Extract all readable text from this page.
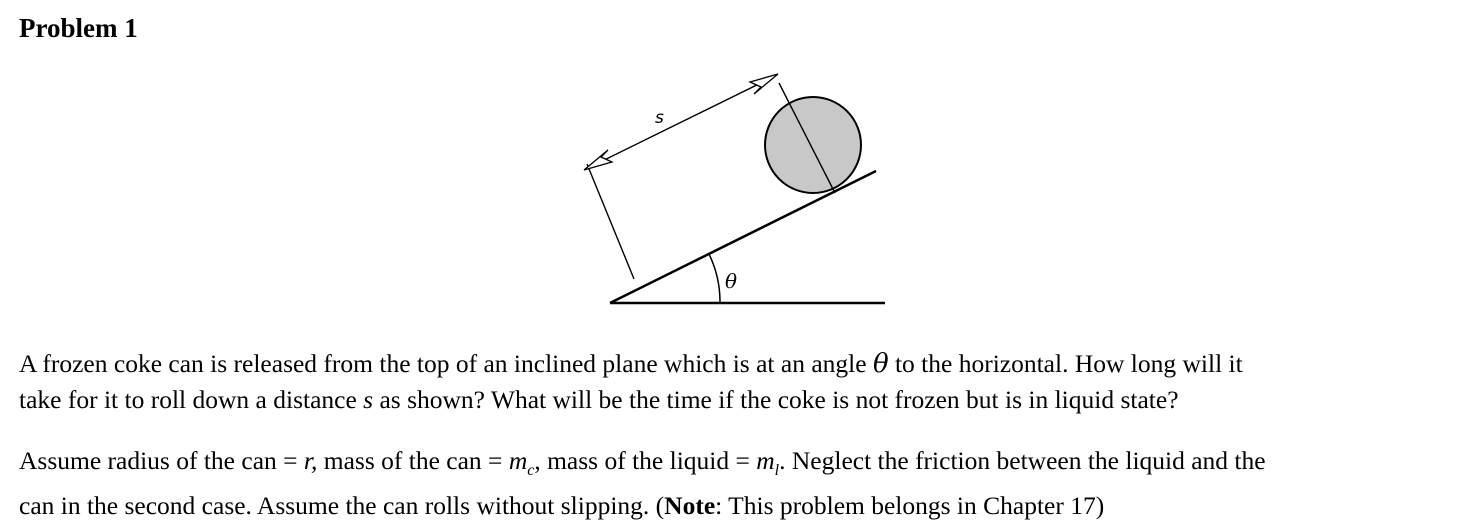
Problem 1
θ
s

A frozen coke can is released from the top of an inclined plane which is at an angle θ to the horizontal. How long will it
take for it to roll down a distance s as shown? What will be the time if the coke is not frozen but is in liquid state?

Assume radius of the can = r, mass of the can = $m_c$, mass of the liquid = $m_l$. Neglect the friction between the liquid and the
can in the second case. Assume the can rolls without slipping. (Note: This problem belongs in Chapter 17)
